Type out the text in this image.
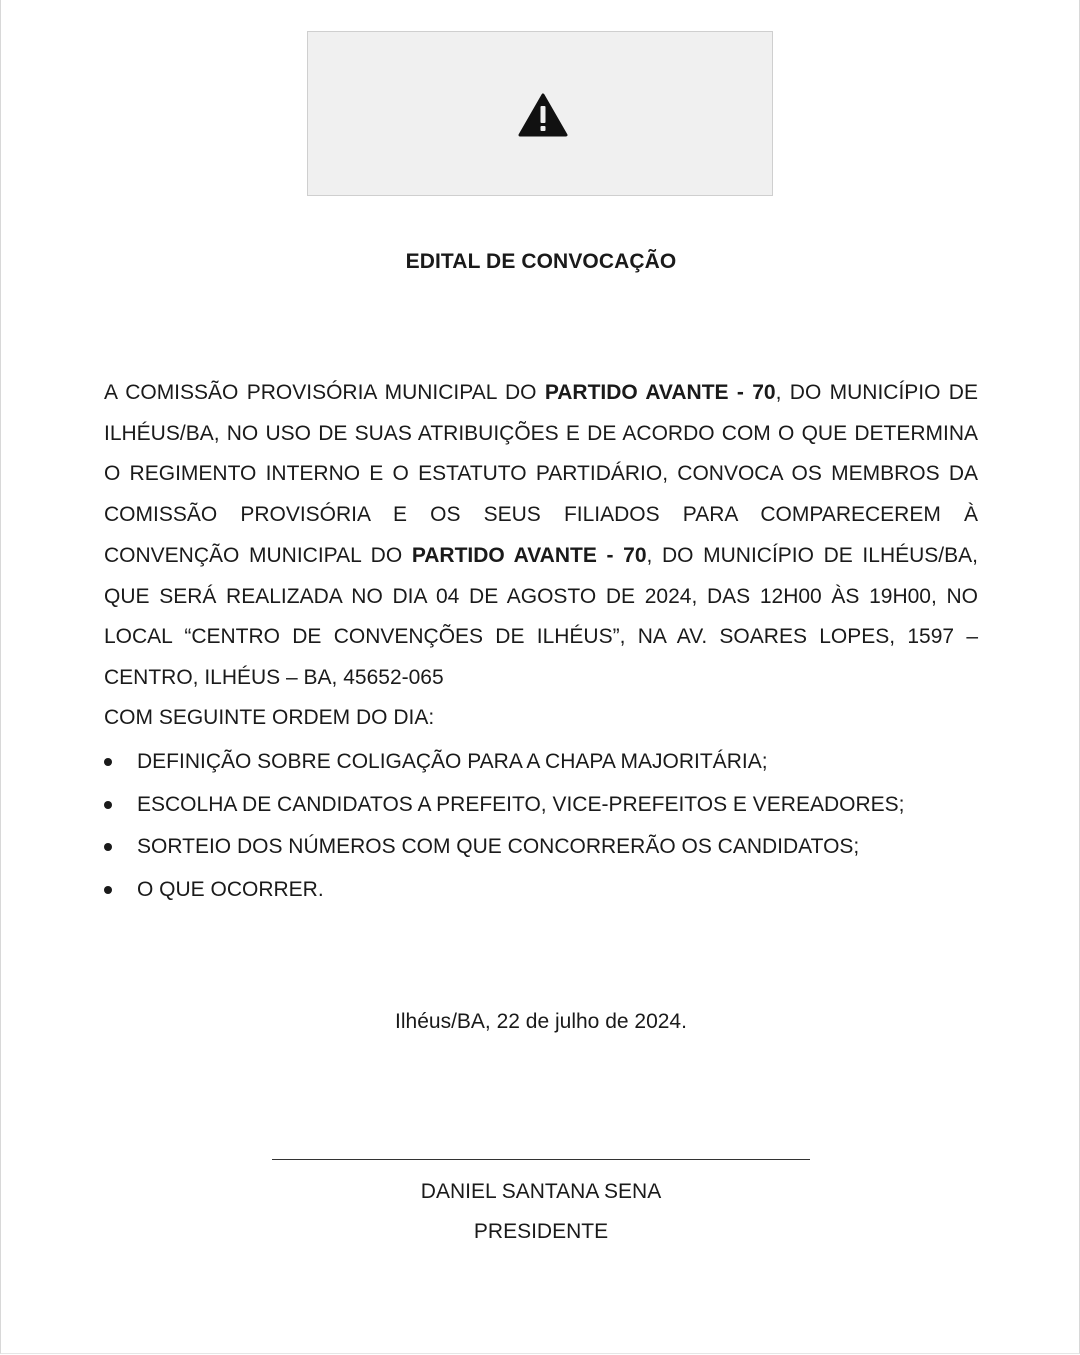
EDITAL DE CONVOCAÇÃO
A COMISSÃO PROVISÓRIA MUNICIPAL DO PARTIDO AVANTE - 70, DO MUNICÍPIO DE ILHÉUS/BA, NO USO DE SUAS ATRIBUIÇÕES E DE ACORDO COM O QUE DETERMINA O REGIMENTO INTERNO E O ESTATUTO PARTIDÁRIO, CONVOCA OS MEMBROS DA COMISSÃO PROVISÓRIA E OS SEUS FILIADOS PARA COMPARECEREM À CONVENÇÃO MUNICIPAL DO PARTIDO AVANTE - 70, DO MUNICÍPIO DE ILHÉUS/BA, QUE SERÁ REALIZADA NO DIA 04 DE AGOSTO DE 2024, DAS 12H00 ÀS 19H00, NO LOCAL “CENTRO DE CONVENÇÕES DE ILHÉUS”, NA AV. SOARES LOPES, 1597 – CENTRO, ILHÉUS – BA, 45652-065
COM SEGUINTE ORDEM DO DIA:
DEFINIÇÃO SOBRE COLIGAÇÃO PARA A CHAPA MAJORITÁRIA;
ESCOLHA DE CANDIDATOS A PREFEITO, VICE-PREFEITOS E VEREADORES;
SORTEIO DOS NÚMEROS COM QUE CONCORRERÃO OS CANDIDATOS;
O QUE OCORRER.
Ilhéus/BA, 22 de julho de 2024.
DANIEL SANTANA SENA
PRESIDENTE
